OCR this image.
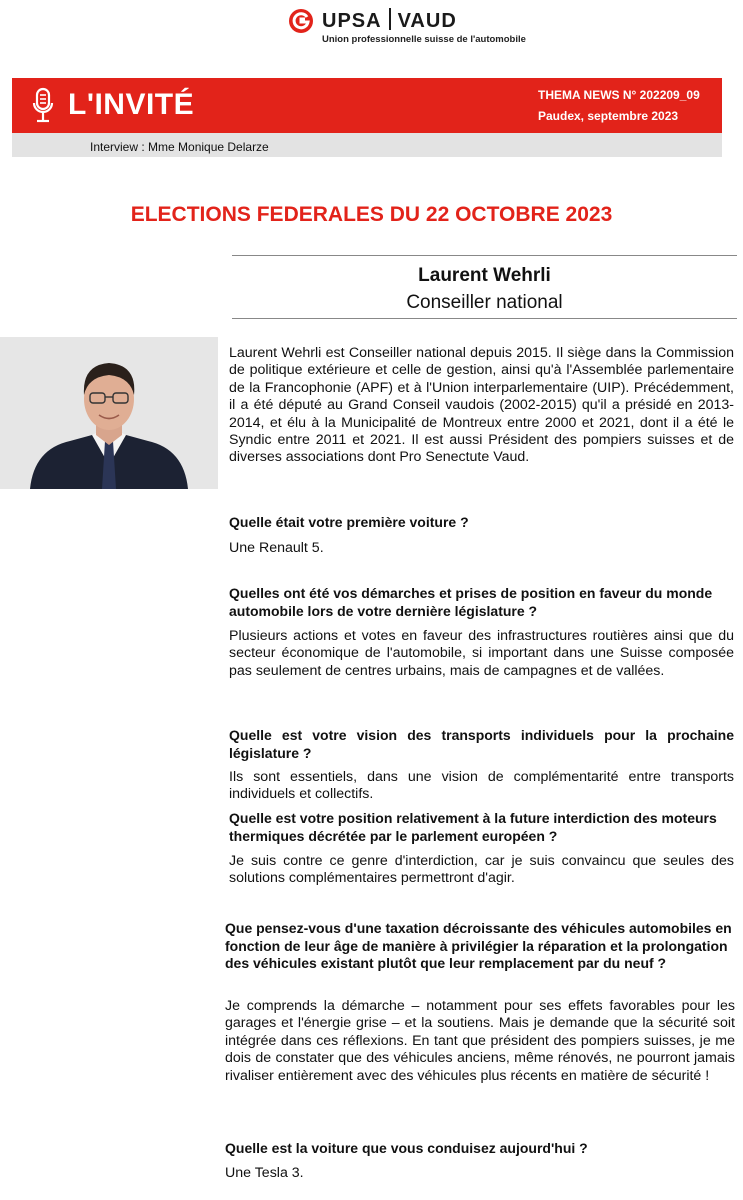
UPSA VAUD
Union professionnelle suisse de l'automobile
L'INVITÉ	THEMA NEWS N° 202209_09
Paudex, septembre 2023
Interview : Mme Monique Delarze
ELECTIONS FEDERALES DU 22 OCTOBRE 2023
Laurent Wehrli
Conseiller national
Laurent Wehrli est Conseiller national depuis 2015. Il siège dans la Commission de politique extérieure et celle de gestion, ainsi qu'à l'Assemblée parlementaire de la Francophonie (APF) et à l'Union interparlementaire (UIP). Précédemment, il a été député au Grand Conseil vaudois (2002-2015) qu'il a présidé en 2013-2014, et élu à la Municipalité de Montreux entre 2000 et 2021, dont il a été le Syndic entre 2011 et 2021. Il est aussi Président des pompiers suisses et de diverses associations dont Pro Senectute Vaud.
Quelle était votre première voiture ?
Une Renault 5.
Quelles ont été vos démarches et prises de position en faveur du monde automobile lors de votre dernière législature ?
Plusieurs actions et votes en faveur des infrastructures routières ainsi que du secteur économique de l'automobile, si important dans une Suisse composée pas seulement de centres urbains, mais de campagnes et de vallées.
Quelle est votre vision des transports individuels pour la prochaine législature ?
Ils sont essentiels, dans une vision de complémentarité entre transports individuels et collectifs.
Quelle est votre position relativement à la future interdiction des moteurs thermiques décrétée par le parlement européen ?
Je suis contre ce genre d'interdiction, car je suis convaincu que seules des solutions complémentaires permettront d'agir.
Que pensez-vous d'une taxation décroissante des véhicules automobiles en fonction de leur âge de manière à privilégier la réparation et la prolongation des véhicules existant plutôt que leur remplacement par du neuf ?
Je comprends la démarche – notamment pour ses effets favorables pour les garages et l'énergie grise – et la soutiens. Mais je demande que la sécurité soit intégrée dans ces réflexions. En tant que président des pompiers suisses, je me dois de constater que des véhicules anciens, même rénovés, ne pourront jamais rivaliser entièrement avec des véhicules plus récents en matière de sécurité !
Quelle est la voiture que vous conduisez aujourd'hui ?
Une Tesla 3.
